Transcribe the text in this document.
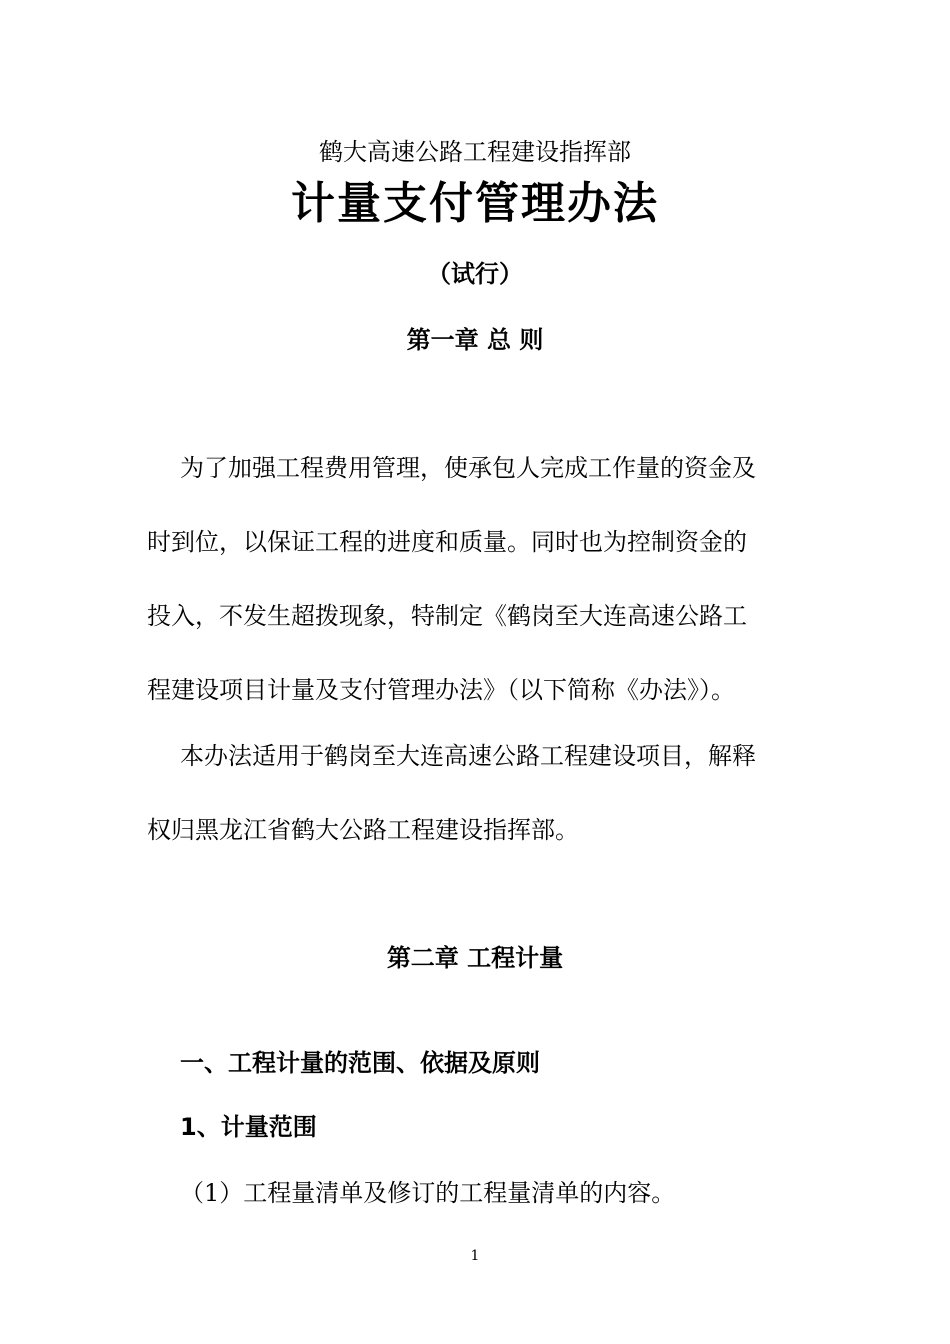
鹤大高速公路工程建设指挥部
计量支付管理办法
（试行）
第一章 总 则
为了加强工程费用管理，使承包人完成工作量的资金及
时到位，以保证工程的进度和质量。同时也为控制资金的
投入，不发生超拨现象，特制定《鹤岗至大连高速公路工
程建设项目计量及支付管理办法》（以下简称《办法》）。
本办法适用于鹤岗至大连高速公路工程建设项目，解释
权归黑龙江省鹤大公路工程建设指挥部。
第二章 工程计量
一、工程计量的范围、依据及原则
1、计量范围
（1）工程量清单及修订的工程量清单的内容。
1
